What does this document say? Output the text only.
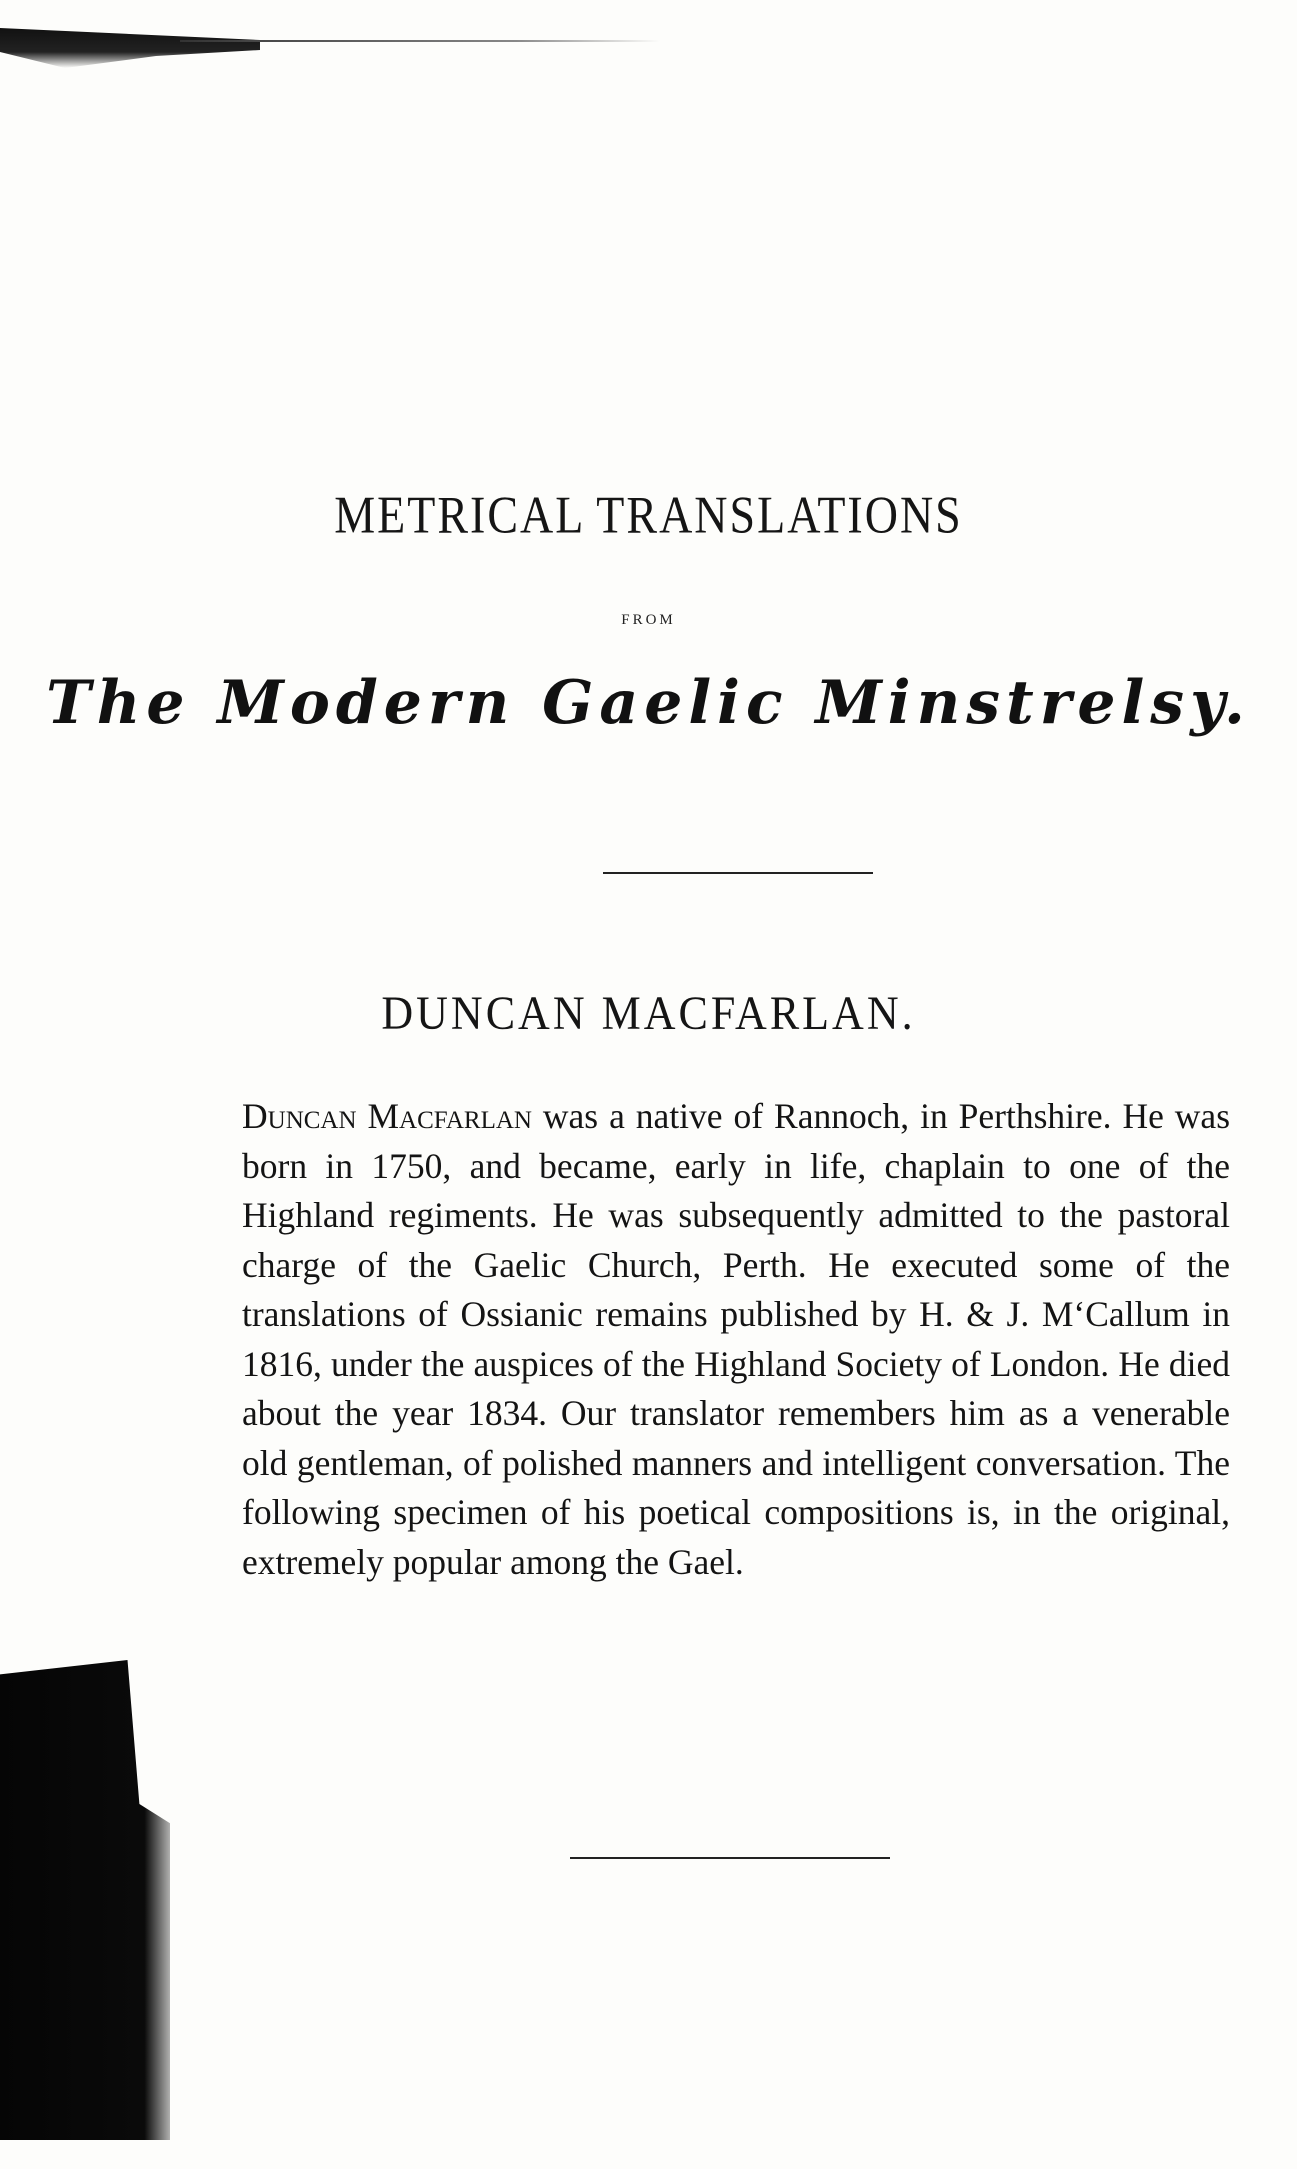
METRICAL TRANSLATIONS
FROM
The Modern Gaelic Minstrelsy.
DUNCAN MACFARLAN.
Duncan Macfarlan was a native of Rannoch, in Perthshire. He was born in 1750, and became, early in life, chaplain to one of the Highland regiments. He was subsequently admitted to the pastoral charge of the Gaelic Church, Perth. He executed some of the translations of Ossianic remains published by H. & J. M‘Callum in 1816, under the auspices of the Highland Society of London. He died about the year 1834. Our translator remembers him as a venerable old gentleman, of polished manners and intelligent conversation. The following specimen of his poetical compositions is, in the original, extremely popular among the Gael.
